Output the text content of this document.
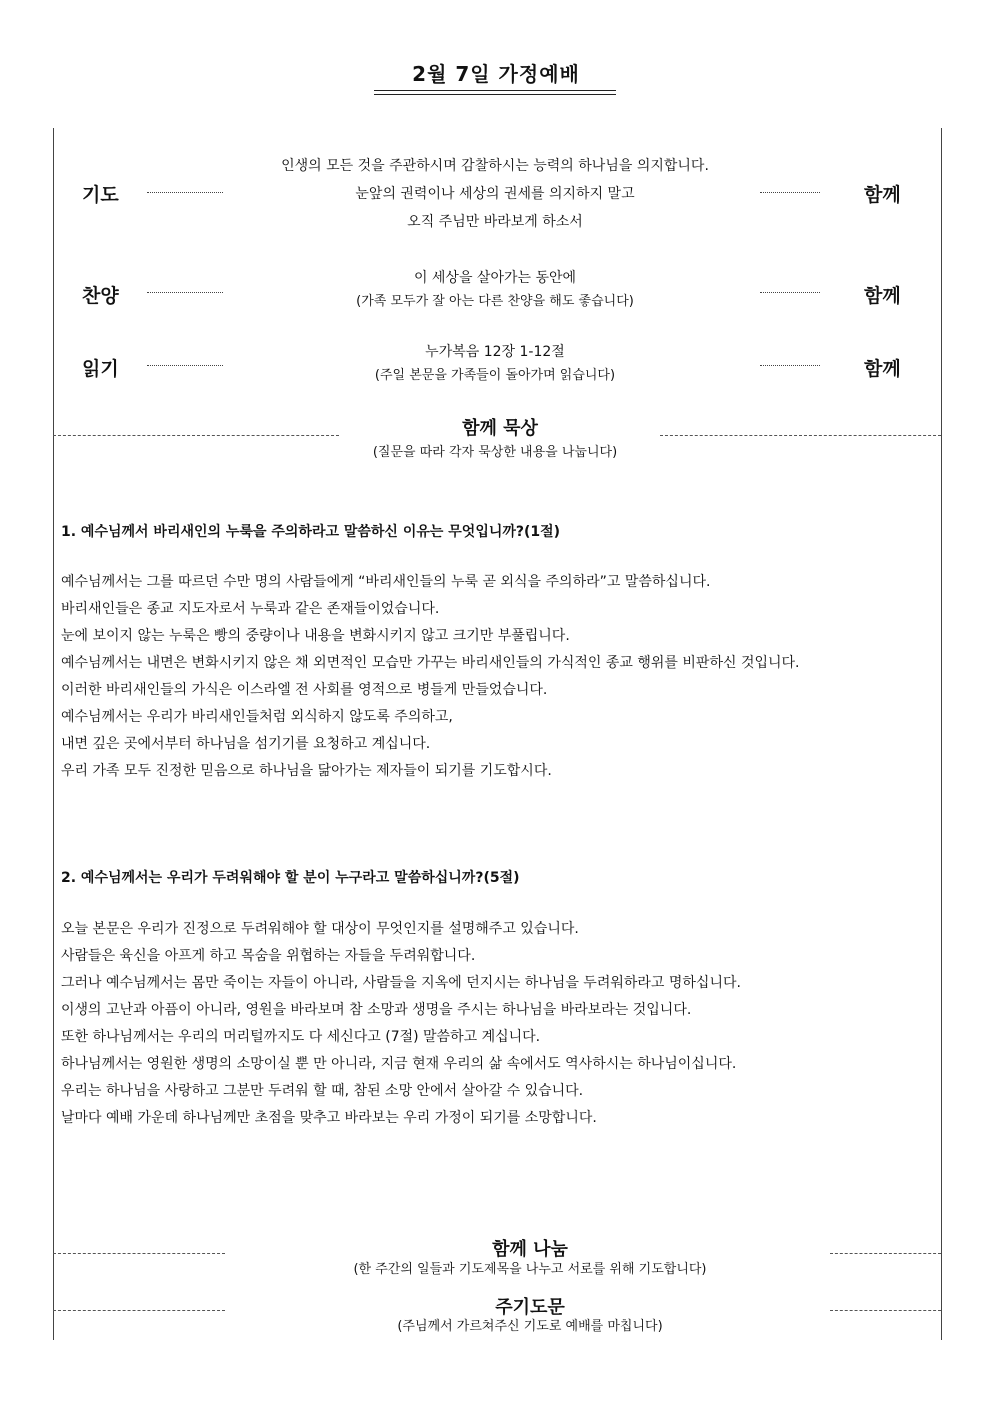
2월 7일 가정예배
기도
인생의 모든 것을 주관하시며 감찰하시는 능력의 하나님을 의지합니다.
눈앞의 권력이나 세상의 권세를 의지하지 말고
오직 주님만 바라보게 하소서
함께
찬양
이 세상을 살아가는 동안에
(가족 모두가 잘 아는 다른 찬양을 해도 좋습니다)	함께
읽기
누가복음 12장 1-12절
(주일 본문을 가족들이 돌아가며 읽습니다)	함께
함께 묵상
(질문을 따라 각자 묵상한 내용을 나눕니다)
1. 예수님께서 바리새인의 누룩을 주의하라고 말씀하신 이유는 무엇입니까?(1절)
예수님께서는 그를 따르던 수만 명의 사람들에게 “바리새인들의 누룩 곧 외식을 주의하라”고 말씀하십니다.
바리새인들은 종교 지도자로서 누룩과 같은 존재들이었습니다.
눈에 보이지 않는 누룩은 빵의 중량이나 내용을 변화시키지 않고 크기만 부풀립니다.
예수님께서는 내면은 변화시키지 않은 채 외면적인 모습만 가꾸는 바리새인들의 가식적인 종교 행위를 비판하신 것입니다.
이러한 바리새인들의 가식은 이스라엘 전 사회를 영적으로 병들게 만들었습니다.
예수님께서는 우리가 바리새인들처럼 외식하지 않도록 주의하고,
내면 깊은 곳에서부터 하나님을 섬기기를 요청하고 계십니다.
우리 가족 모두 진정한 믿음으로 하나님을 닮아가는 제자들이 되기를 기도합시다.
2. 예수님께서는 우리가 두려워해야 할 분이 누구라고 말씀하십니까?(5절)
오늘 본문은 우리가 진정으로 두려워해야 할 대상이 무엇인지를 설명해주고 있습니다.
사람들은 육신을 아프게 하고 목숨을 위협하는 자들을 두려워합니다.
그러나 예수님께서는 몸만 죽이는 자들이 아니라, 사람들을 지옥에 던지시는 하나님을 두려워하라고 명하십니다.
이생의 고난과 아픔이 아니라, 영원을 바라보며 참 소망과 생명을 주시는 하나님을 바라보라는 것입니다.
또한 하나님께서는 우리의 머리털까지도 다 세신다고 (7절) 말씀하고 계십니다.
하나님께서는 영원한 생명의 소망이실 뿐 만 아니라, 지금 현재 우리의 삶 속에서도 역사하시는 하나님이십니다.
우리는 하나님을 사랑하고 그분만 두려워 할 때, 참된 소망 안에서 살아갈 수 있습니다.
날마다 예배 가운데 하나님께만 초점을 맞추고 바라보는 우리 가정이 되기를 소망합니다.
함께 나눔
(한 주간의 일들과 기도제목을 나누고 서로를 위해 기도합니다)
주기도문
(주님께서 가르쳐주신 기도로 예배를 마칩니다)
